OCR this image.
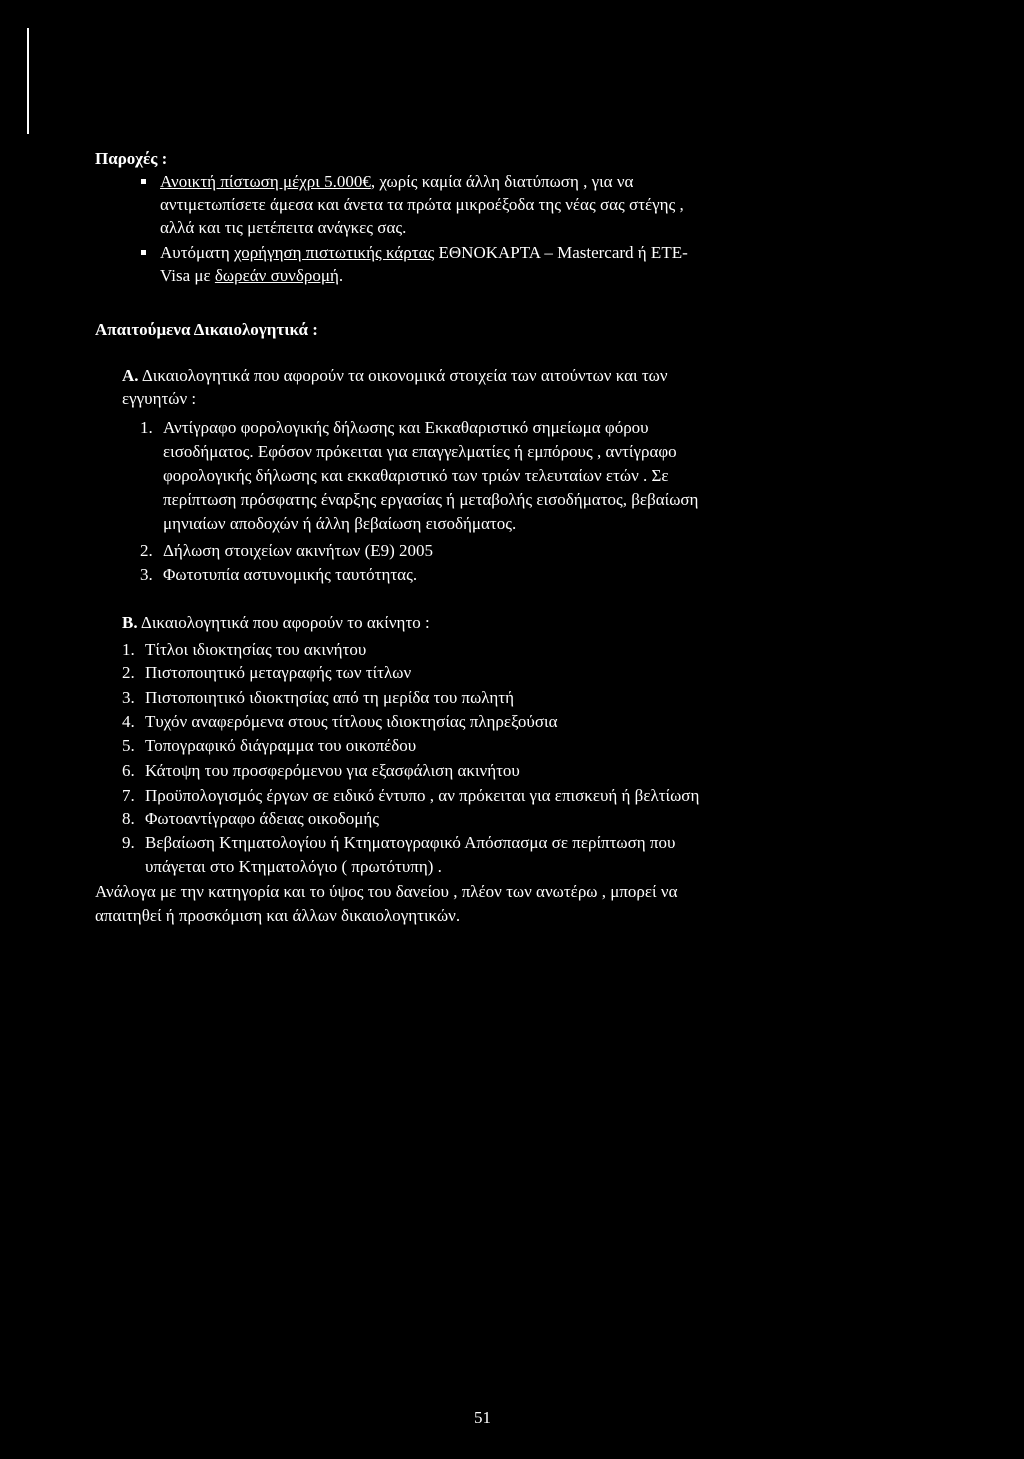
Παροχές :
Ανοικτή πίστωση μέχρι 5.000€, χωρίς καμία άλλη διατύπωση , για να
αντιμετωπίσετε άμεσα και άνετα τα πρώτα μικροέξοδα της νέας σας στέγης ,
αλλά και τις μετέπειτα ανάγκες σας.
Αυτόματη χορήγηση πιστωτικής κάρτας ΕΘΝΟΚΑΡΤΑ – Mastercard ή ΕΤΕ-
Visa με δωρεάν συνδρομή.
Απαιτούμενα Δικαιολογητικά :
Α. Δικαιολογητικά που αφορούν τα οικονομικά στοιχεία των αιτούντων και των
εγγυητών :
1. Αντίγραφο φορολογικής δήλωσης και Εκκαθαριστικό σημείωμα φόρου
εισοδήματος. Εφόσον πρόκειται για επαγγελματίες ή εμπόρους , αντίγραφο
φορολογικής δήλωσης και εκκαθαριστικό των τριών τελευταίων ετών . Σε
περίπτωση πρόσφατης έναρξης εργασίας ή μεταβολής εισοδήματος, βεβαίωση
μηνιαίων αποδοχών ή άλλη βεβαίωση εισοδήματος.
2. Δήλωση στοιχείων ακινήτων (Ε9) 2005
3. Φωτοτυπία αστυνομικής ταυτότητας.
Β. Δικαιολογητικά που αφορούν το ακίνητο :
1. Τίτλοι ιδιοκτησίας του ακινήτου
2. Πιστοποιητικό μεταγραφής των τίτλων
3. Πιστοποιητικό ιδιοκτησίας από τη μερίδα του πωλητή
4. Τυχόν αναφερόμενα στους τίτλους ιδιοκτησίας πληρεξούσια
5. Τοπογραφικό διάγραμμα του οικοπέδου
6. Κάτοψη του προσφερόμενου για εξασφάλιση ακινήτου
7. Προϋπολογισμός έργων σε ειδικό έντυπο , αν πρόκειται για επισκευή ή βελτίωση
8. Φωτοαντίγραφο άδειας οικοδομής
9. Βεβαίωση Κτηματολογίου ή Κτηματογραφικό Απόσπασμα σε περίπτωση που
υπάγεται στο Κτηματολόγιο ( πρωτότυπη) .
Ανάλογα με την κατηγορία και το ύψος του δανείου , πλέον των ανωτέρω , μπορεί να
απαιτηθεί ή προσκόμιση και άλλων δικαιολογητικών.
51
